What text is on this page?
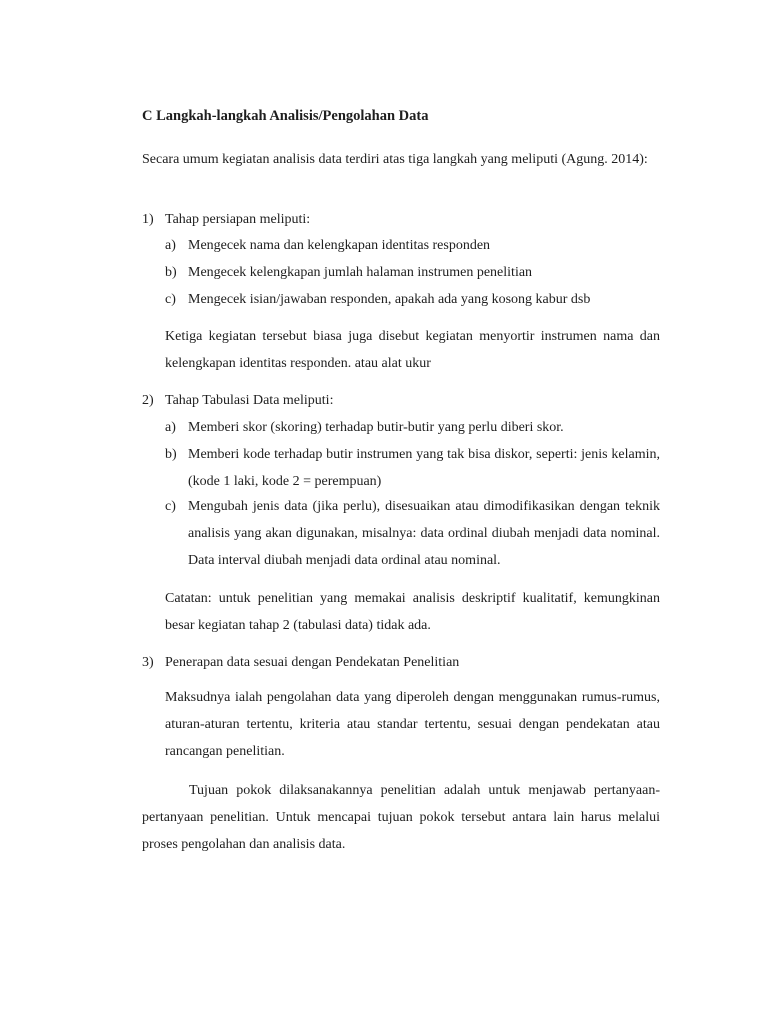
C Langkah-langkah Analisis/Pengolahan Data

Secara umum kegiatan analisis data terdiri atas tiga langkah yang meliputi (Agung. 2014):

1) Tahap persiapan meliputi:
a) Mengecek nama dan kelengkapan identitas responden
b) Mengecek kelengkapan jumlah halaman instrumen penelitian
c) Mengecek isian/jawaban responden, apakah ada yang kosong kabur dsb

Ketiga kegiatan tersebut biasa juga disebut kegiatan menyortir instrumen nama dan kelengkapan identitas responden. atau alat ukur

2) Tahap Tabulasi Data meliputi:
a) Memberi skor (skoring) terhadap butir-butir yang perlu diberi skor.
b) Memberi kode terhadap butir instrumen yang tak bisa diskor, seperti: jenis kelamin, (kode 1 laki, kode 2 = perempuan)
c) Mengubah jenis data (jika perlu), disesuaikan atau dimodifikasikan dengan teknik analisis yang akan digunakan, misalnya: data ordinal diubah menjadi data nominal. Data interval diubah menjadi data ordinal atau nominal.

Catatan: untuk penelitian yang memakai analisis deskriptif kualitatif, kemungkinan besar kegiatan tahap 2 (tabulasi data) tidak ada.

3) Penerapan data sesuai dengan Pendekatan Penelitian

Maksudnya ialah pengolahan data yang diperoleh dengan menggunakan rumus-rumus, aturan-aturan tertentu, kriteria atau standar tertentu, sesuai dengan pendekatan atau rancangan penelitian.

Tujuan pokok dilaksanakannya penelitian adalah untuk menjawab pertanyaan-pertanyaan penelitian. Untuk mencapai tujuan pokok tersebut antara lain harus melalui proses pengolahan dan analisis data.
